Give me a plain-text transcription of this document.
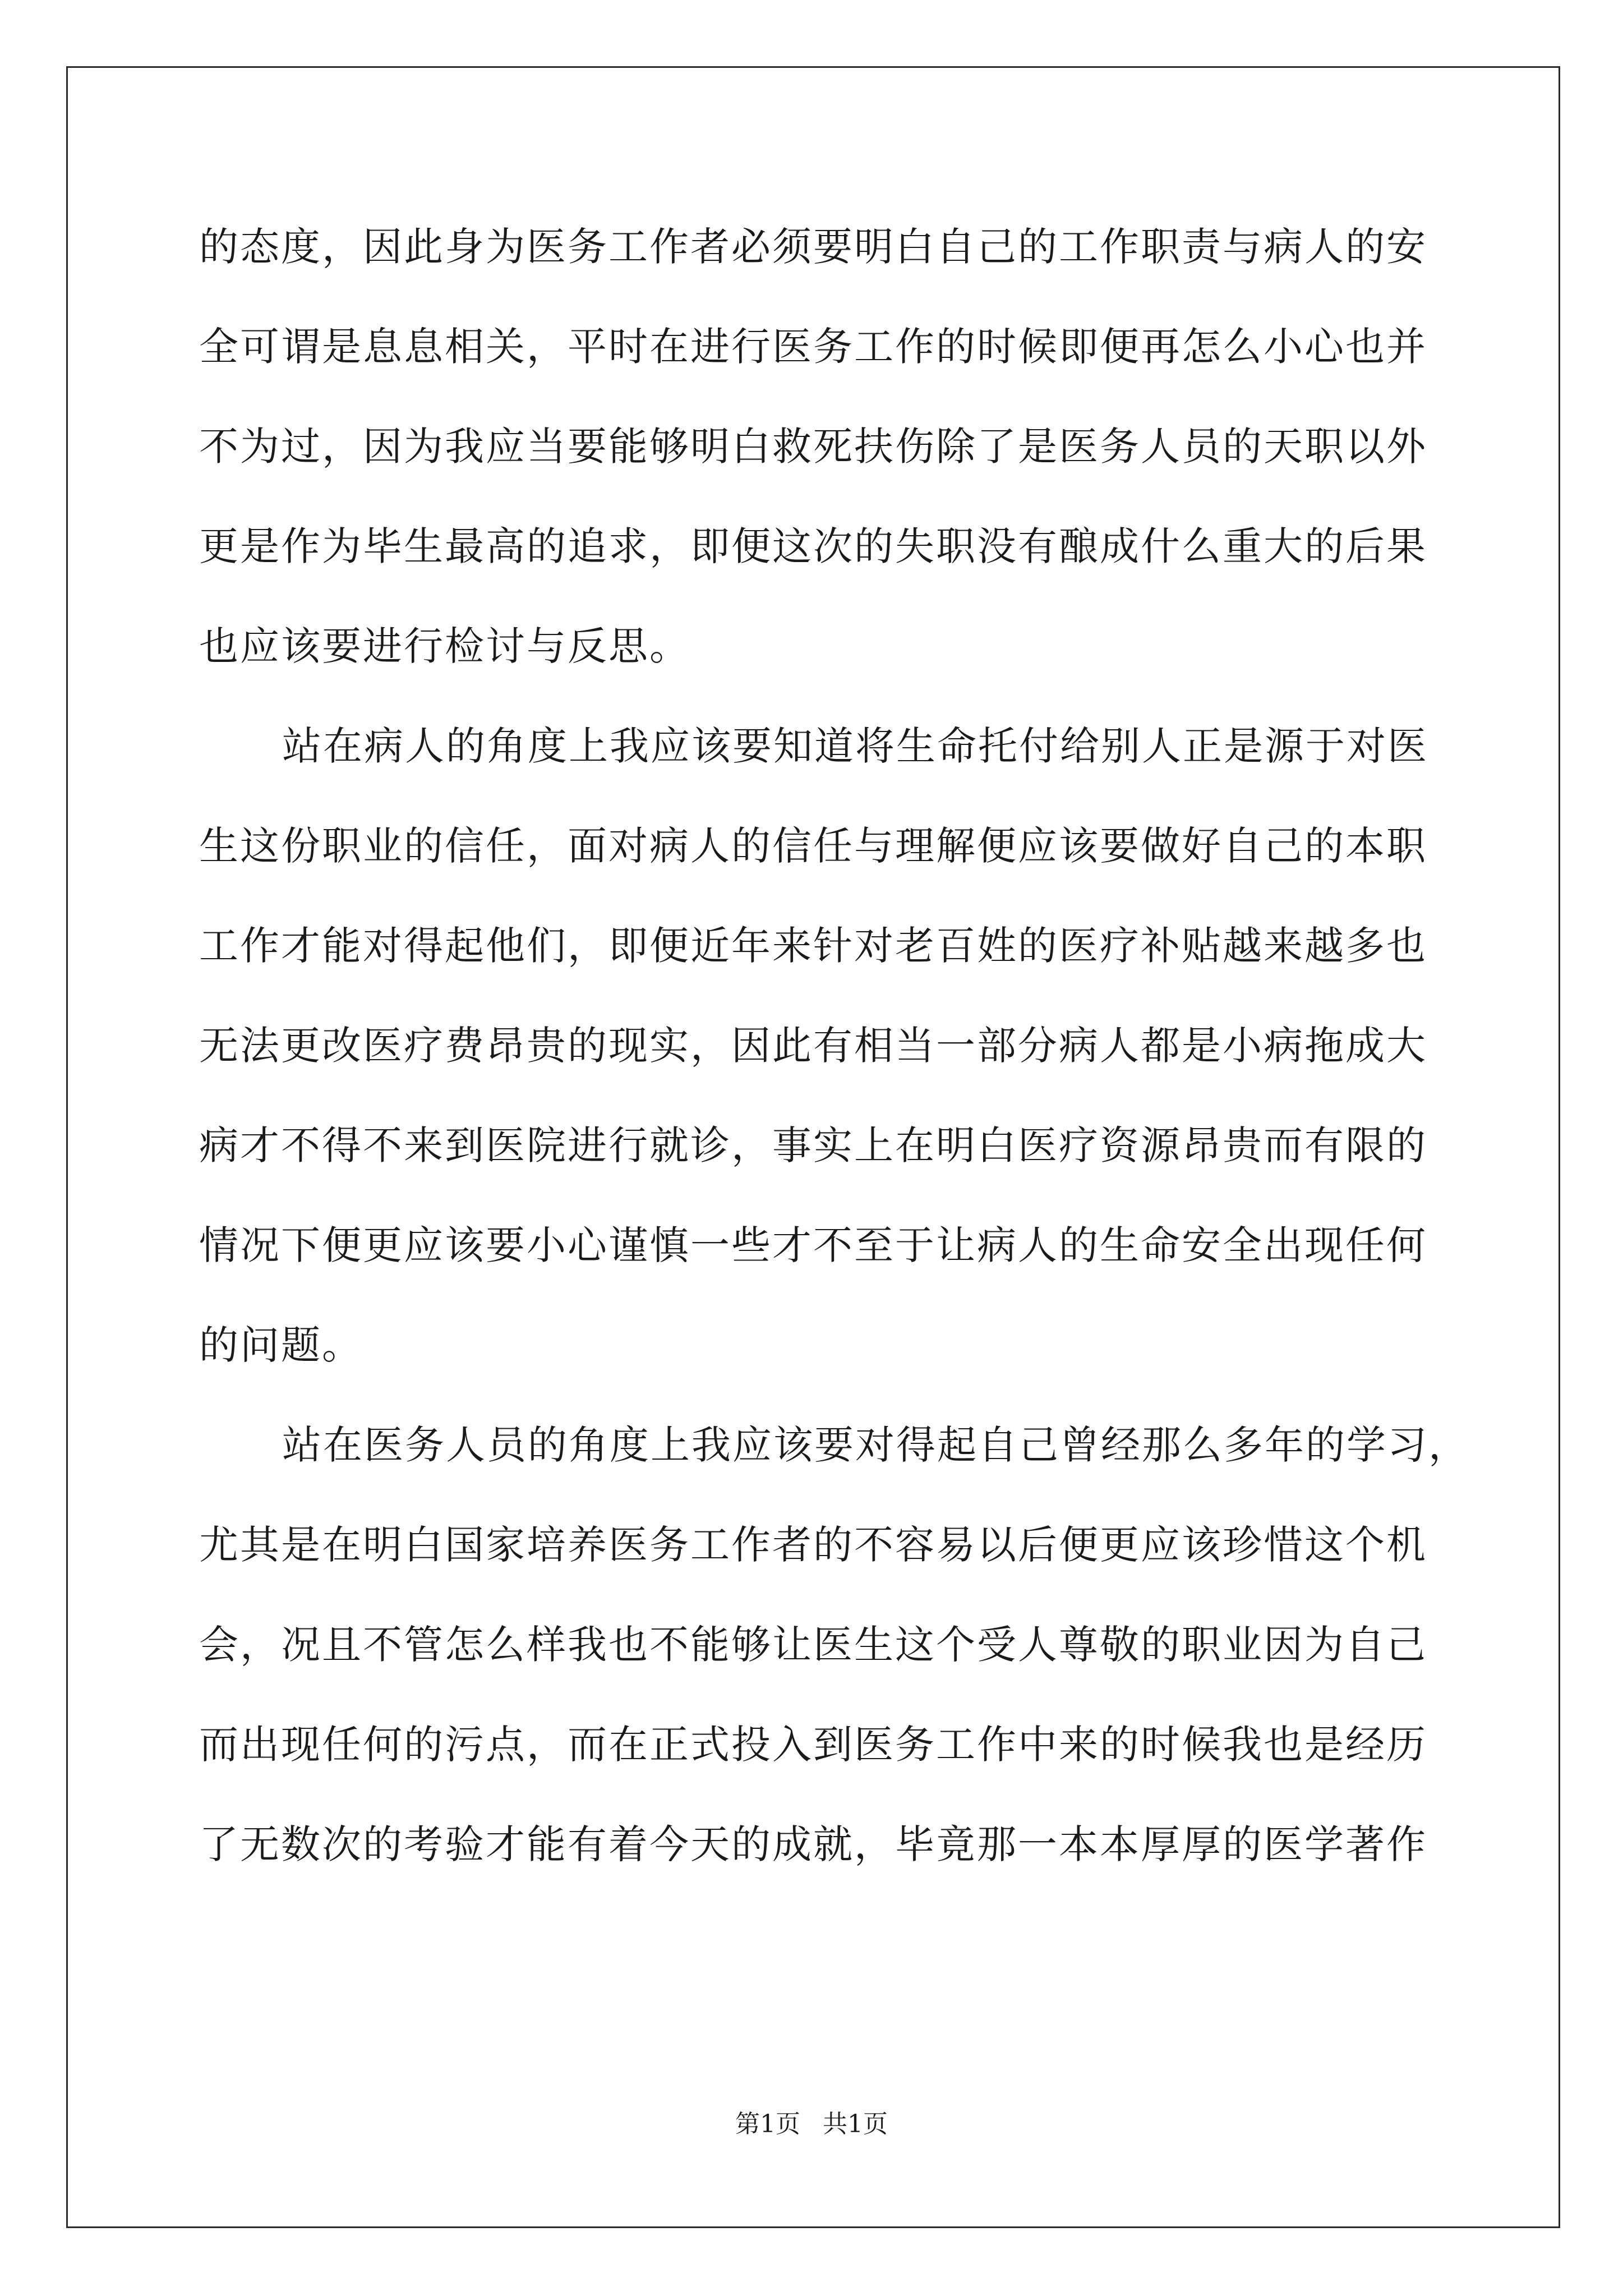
的态度，因此身为医务工作者必须要明白自己的工作职责与病人的安
全可谓是息息相关，平时在进行医务工作的时候即便再怎么小心也并
不为过，因为我应当要能够明白救死扶伤除了是医务人员的天职以外
更是作为毕生最高的追求，即便这次的失职没有酿成什么重大的后果
也应该要进行检讨与反思。
站在病人的角度上我应该要知道将生命托付给别人正是源于对医
生这份职业的信任，面对病人的信任与理解便应该要做好自己的本职
工作才能对得起他们，即便近年来针对老百姓的医疗补贴越来越多也
无法更改医疗费昂贵的现实，因此有相当一部分病人都是小病拖成大
病才不得不来到医院进行就诊，事实上在明白医疗资源昂贵而有限的
情况下便更应该要小心谨慎一些才不至于让病人的生命安全出现任何
的问题。
站在医务人员的角度上我应该要对得起自己曾经那么多年的学习，
尤其是在明白国家培养医务工作者的不容易以后便更应该珍惜这个机
会，况且不管怎么样我也不能够让医生这个受人尊敬的职业因为自己
而出现任何的污点，而在正式投入到医务工作中来的时候我也是经历
了无数次的考验才能有着今天的成就，毕竟那一本本厚厚的医学著作
第1页 共1页
